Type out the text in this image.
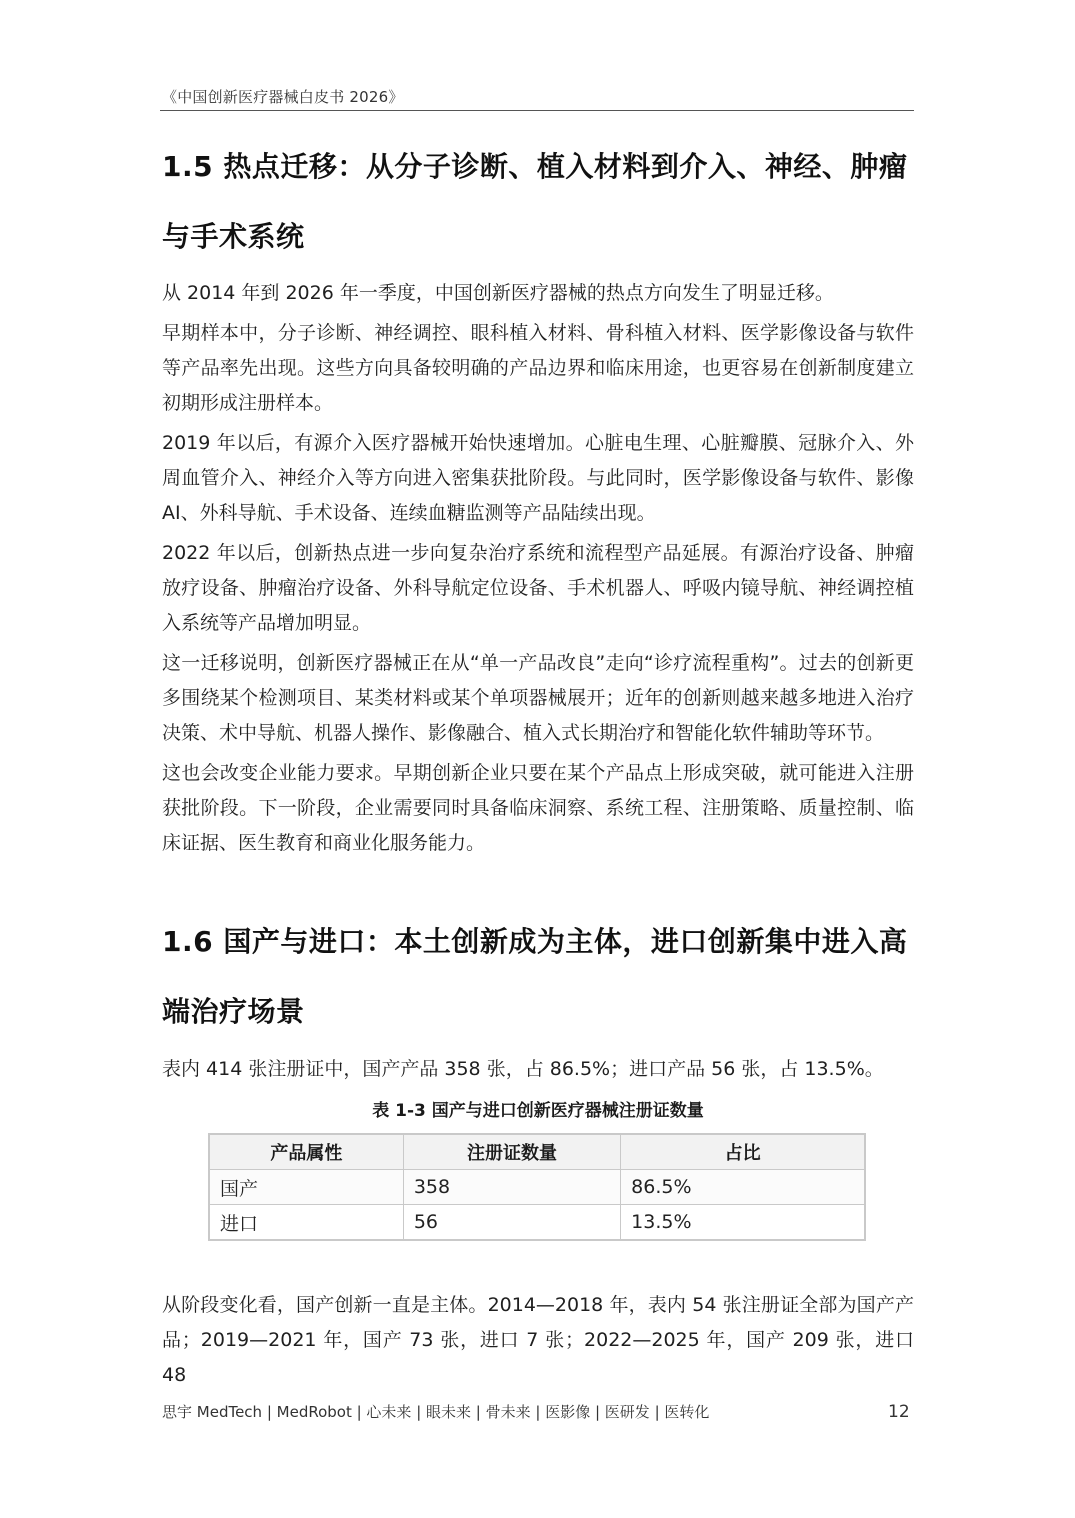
《中国创新医疗器械白皮书 2026》
1.5 热点迁移：从分子诊断、植入材料到介入、神经、肿瘤
与手术系统

从 2014 年到 2026 年一季度，中国创新医疗器械的热点方向发生了明显迁移。

早期样本中，分子诊断、神经调控、眼科植入材料、骨科植入材料、医学影像设备与软件等产品率先出现。这些方向具备较明确的产品边界和临床用途，也更容易在创新制度建立初期形成注册样本。

2019 年以后，有源介入医疗器械开始快速增加。心脏电生理、心脏瓣膜、冠脉介入、外周血管介入、神经介入等方向进入密集获批阶段。与此同时，医学影像设备与软件、影像 AI、外科导航、手术设备、连续血糖监测等产品陆续出现。

2022 年以后，创新热点进一步向复杂治疗系统和流程型产品延展。有源治疗设备、肿瘤放疗设备、肿瘤治疗设备、外科导航定位设备、手术机器人、呼吸内镜导航、神经调控植入系统等产品增加明显。

这一迁移说明，创新医疗器械正在从“单一产品改良”走向“诊疗流程重构”。过去的创新更多围绕某个检测项目、某类材料或某个单项器械展开；近年的创新则越来越多地进入治疗决策、术中导航、机器人操作、影像融合、植入式长期治疗和智能化软件辅助等环节。

这也会改变企业能力要求。早期创新企业只要在某个产品点上形成突破，就可能进入注册获批阶段。下一阶段，企业需要同时具备临床洞察、系统工程、注册策略、质量控制、临床证据、医生教育和商业化服务能力。

1.6 国产与进口：本土创新成为主体，进口创新集中进入高
端治疗场景

表内 414 张注册证中，国产产品 358 张，占 86.5%；进口产品 56 张，占 13.5%。

表 1-3 国产与进口创新医疗器械注册证数量
产品属性	注册证数量	占比
国产	358	86.5%
进口	56	13.5%

从阶段变化看，国产创新一直是主体。2014—2018 年，表内 54 张注册证全部为国产产品；2019—2021 年，国产 73 张，进口 7 张；2022—2025 年，国产 209 张，进口 48

思宇 MedTech | MedRobot | 心未来 | 眼未来 | 骨未来 | 医影像 | 医研发 | 医转化	12
